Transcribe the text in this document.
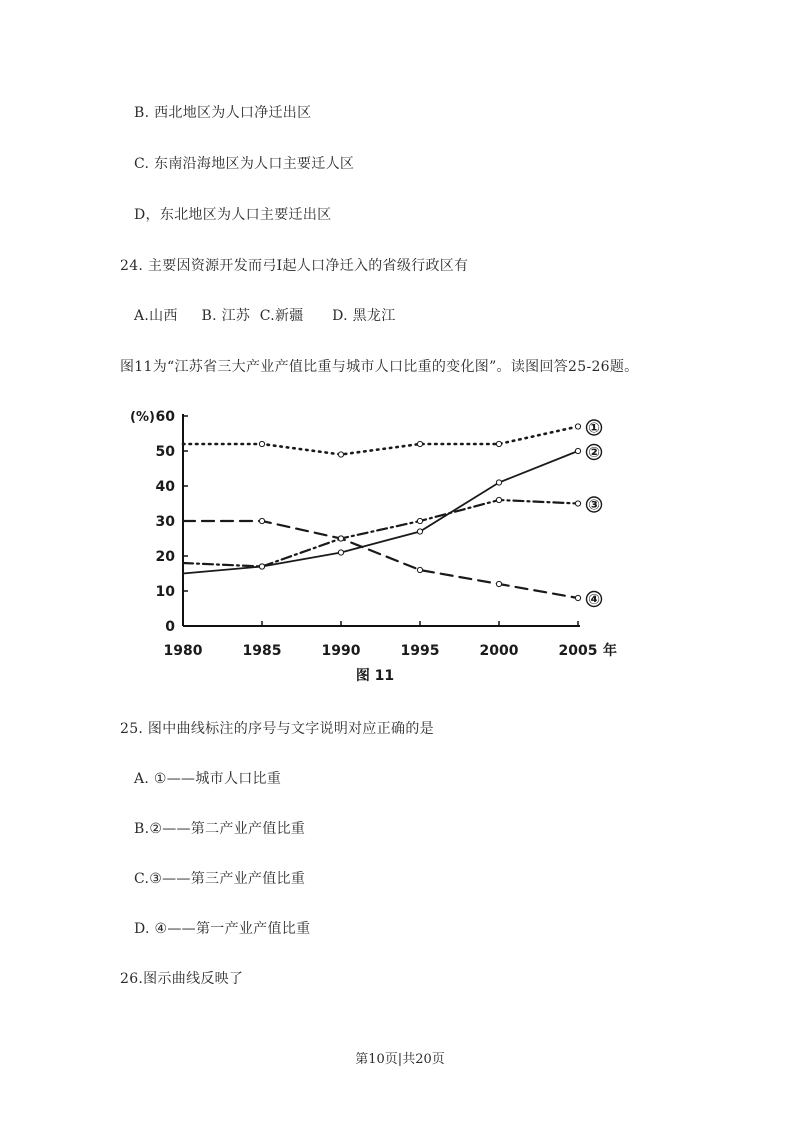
B. 西北地区为人口净迁出区
C. 东南沿海地区为人口主要迁人区
D，东北地区为人口主要迁出区
24. 主要因资源开发而弓I起人口净迁入的省级行政区有
A.山西     B. 江苏  C.新疆      D. 黑龙江
图11为“江苏省三大产业产值比重与城市人口比重的变化图”。读图回答25-26题。
0
10
20
30
40
50
60
(%)
1980	1985	1990	1995	2000	2005 年
图 11
①
②
③
④
25. 图中曲线标注的序号与文字说明对应正确的是
A. ①——城市人口比重
B.②——第二产业产值比重
C.③——第三产业产值比重
D. ④——第一产业产值比重
26.图示曲线反映了
第10页|共20页
